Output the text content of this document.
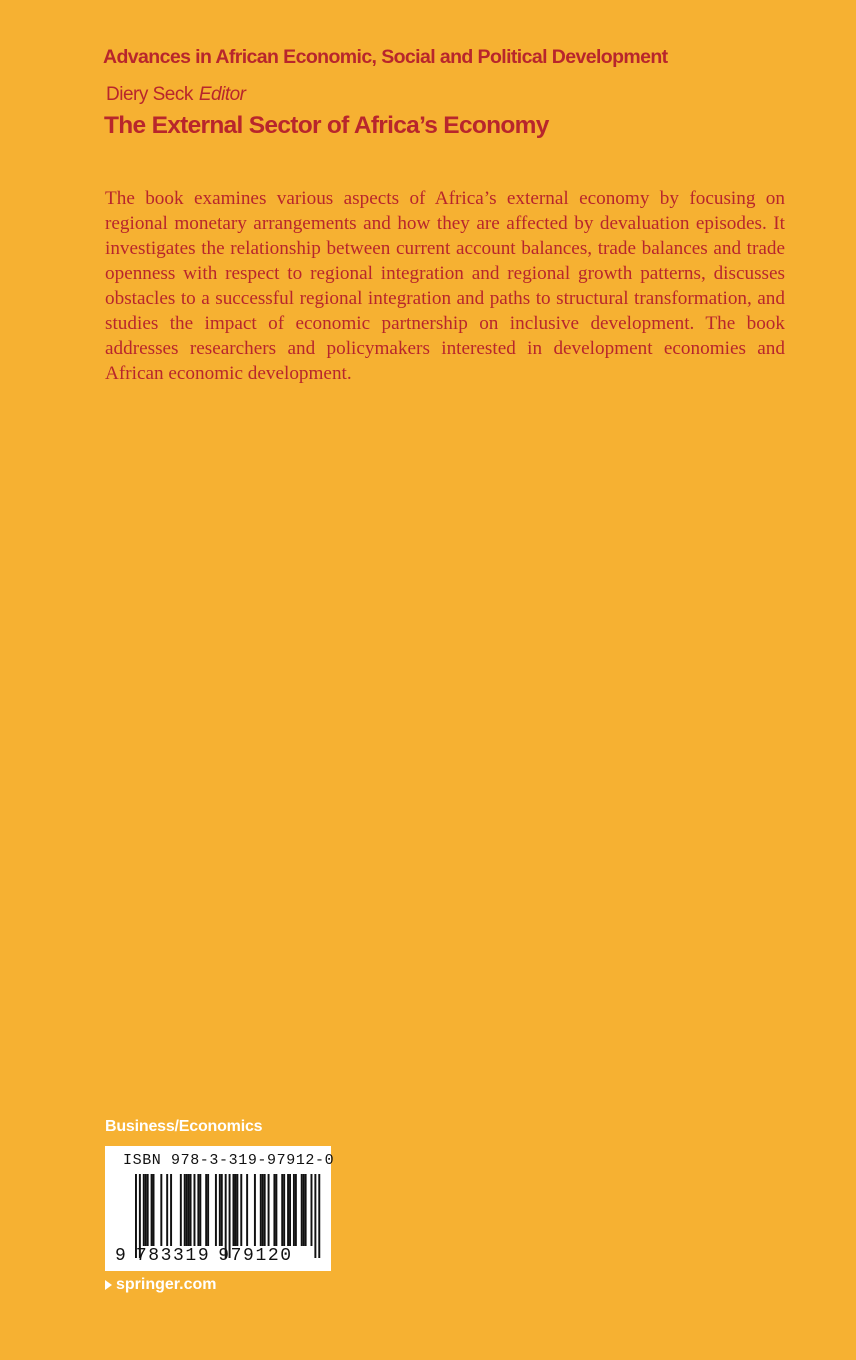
Advances in African Economic, Social and Political Development
Diery Seck Editor
The External Sector of Africa’s Economy

The book examines various aspects of Africa’s external economy by focusing on regional monetary arrangements and how they are affected by devaluation episodes. It investigates the relationship between current account balances, trade balances and trade openness with respect to regional integration and regional growth patterns, discusses obstacles to a successful regional integration and paths to structural transformation, and studies the impact of economic partnership on inclusive development. The book addresses researchers and policymakers interested in development economies and African economic development.

Business/Economics
ISBN 978-3-319-97912-0
9 783319 979120
springer.com
